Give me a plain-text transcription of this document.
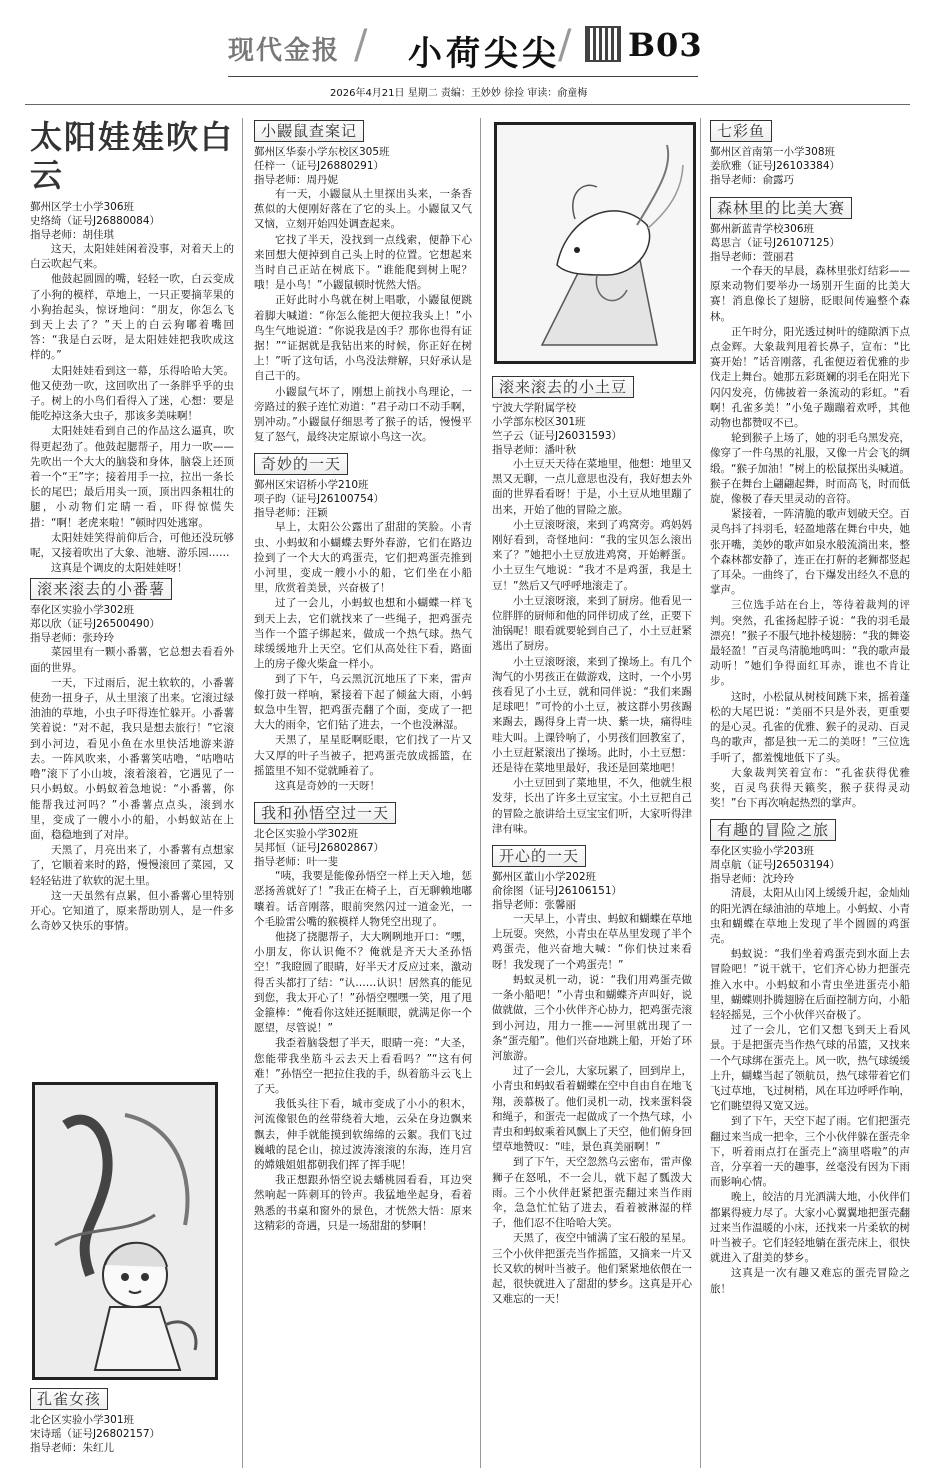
现代金报 / 小荷尖尖
/ B03
2026年4月21日 星期二 责编：王妙妙 徐捡 审读：俞童梅
太阳娃娃吹白云
鄞州区学士小学306班
史络绮（证号J26880084）
指导老师：胡佳琪

这天，太阳娃娃闲着没事，对着天上的白云吹起气来。

他鼓起圆圆的嘴，轻轻一吹，白云变成了小狗的模样，草地上，一只正要摘苹果的小狗抬起头，惊讶地问：“朋友，你怎么飞到天上去了？”天上的白云狗嘟着嘴回答：“我是白云呀，是太阳娃娃把我吹成这样的。”

太阳娃娃看到这一幕，乐得哈哈大笑。他又使劲一吹，这回吹出了一条胖乎乎的虫子。树上的小鸟们看得入了迷，心想：要是能吃掉这条大虫子，那该多美味啊！

太阳娃娃看到自己的作品这么逼真，吹得更起劲了。他鼓起腮帮子，用力一吹——先吹出一个大大的脑袋和身体，脑袋上还顶着一个“王”字；接着用手一拉，拉出一条长长的尾巴；最后用头一顶，顶出四条粗壮的腿，小动物们定睛一看，吓得惊慌失措：“啊！老虎来啦！”顿时四处逃窜。

太阳娃娃笑得前仰后合，可他还没玩够呢，又接着吹出了大象、池塘、游乐园……

这真是个调皮的太阳娃娃呀！

滚来滚去的小番薯
奉化区实验小学302班
郑以欣（证号J26500490）
指导老师：张玲玲

菜园里有一颗小番薯，它总想去看看外面的世界。

一天，下过雨后，泥土软软的，小番薯使劲一扭身子，从土里滚了出来。它滚过绿油油的草地，小虫子吓得连忙躲开。小番薯笑着说：“对不起，我只是想去旅行！”它滚到小河边，看见小鱼在水里快活地游来游去。一阵风吹来，小番薯笑咕噜，“咕噜咕噜”滚下了小山坡，滚着滚着，它遇见了一只小蚂蚁。小蚂蚁着急地说：“小番薯，你能帮我过河吗？”小番薯点点头，滚到水里，变成了一艘小小的船，小蚂蚁站在上面，稳稳地到了对岸。

天黑了，月亮出来了，小番薯有点想家了，它顺着来时的路，慢慢滚回了菜园，又轻轻钻进了软软的泥土里。

这一天虽然有点累，但小番薯心里特别开心。它知道了，原来帮助别人，是一件多么奇妙又快乐的事情。

孔雀女孩
北仑区实验小学301班
宋诗瑶（证号J26802157）
指导老师：朱红儿
小鼹鼠查案记
鄞州区华泰小学东校区305班
任梓一（证号J26880291）
指导老师：周丹妮

有一天，小鼹鼠从土里探出头来，一条香蕉似的大便刚好落在了它的头上。小鼹鼠又气又恼，立刻开始四处调查起来。

它找了半天，没找到一点线索，便静下心来回想大便掉到自己头上时的位置。它想起来当时自己正站在树底下。“谁能爬到树上呢？哦！是小鸟！”小鼹鼠顿时恍然大悟。

正好此时小鸟就在树上唱歌，小鼹鼠便跳着脚大喊道：“你怎么能把大便拉我头上！”小鸟生气地说道：“你说我是凶手？那你也得有证据！”“证据就是我钻出来的时候，你正好在树上！”听了这句话，小鸟没法辩解，只好承认是自己干的。

小鼹鼠气坏了，刚想上前找小鸟理论，一旁路过的猴子连忙劝道：“君子动口不动手啊，别冲动。”小鼹鼠仔细思考了猴子的话，慢慢平复了怒气，最终决定原谅小鸟这一次。

奇妙的一天
鄞州区宋诏桥小学210班
项子昀（证号J26100754）
指导老师：汪颖

早上，太阳公公露出了甜甜的笑脸。小青虫、小蚂蚁和小蝴蝶去野外春游，它们在路边捡到了一个大大的鸡蛋壳，它们把鸡蛋壳推到小河里，变成一艘小小的船，它们坐在小船里，欣赏着美景，兴奋极了！

过了一会儿，小蚂蚁也想和小蝴蝶一样飞到天上去，它们就找来了一些绳子，把鸡蛋壳当作一个篮子绑起来，做成一个热气球。热气球缓缓地升上天空。它们从高处往下看，路面上的房子像火柴盒一样小。

到了下午，乌云黑沉沉地压了下来，雷声像打鼓一样响，紧接着下起了倾盆大雨，小蚂蚁急中生智，把鸡蛋壳翻了个面，变成了一把大大的雨伞，它们钻了进去，一个也没淋湿。

天黑了，星星眨啊眨眼，它们找了一片又大又厚的叶子当被子，把鸡蛋壳放成摇篮，在摇篮里不知不觉就睡着了。

这真是奇妙的一天呀！

我和孙悟空过一天
北仑区实验小学302班
吴邦恒（证号J26802867）
指导老师：叶一斐

“咦，我要是能像孙悟空一样上天入地，惩恶扬善就好了！”我正在椅子上，百无聊赖地嘟囔着。话音刚落，眼前突然闪过一道金光，一个毛脸雷公嘴的猴模样人物凭空出现了。

他挠了挠腮帮子，大大咧咧地开口：“嘿，小朋友，你认识俺不？俺就是齐天大圣孙悟空！”我瞪圆了眼睛，好半天才反应过来，激动得舌头都打了结：“认……认识！居然真的能见到您，我太开心了！”孙悟空嘿嘿一笑，甩了甩金箍棒：“俺看你这娃还挺顺眼，就满足你一个愿望，尽管说！”

我歪着脑袋想了半天，眼睛一亮：“大圣，您能带我坐筋斗云去天上看看吗？”“这有何难！”孙悟空一把拉住我的手，纵着筋斗云飞上了天。

我低头往下看，城市变成了小小的积木，河流像银色的丝带绕着大地，云朵在身边飘来飘去，伸手就能摸到软绵绵的云絮。我们飞过巍峨的昆仑山，掠过波涛滚滚的东海，连月宫的嫦娥姐姐都朝我们挥了挥手呢！

我正想跟孙悟空说去蟠桃园看看，耳边突然响起一阵刺耳的铃声。我猛地坐起身，看着熟悉的书桌和窗外的景色，才恍然大悟：原来这精彩的奇遇，只是一场甜甜的梦啊！

滚来滚去的小土豆
宁波大学附属学校
小学部东校区301班
竺子云（证号J26031593）
指导老师：潘叶秋

小土豆天天待在菜地里，他想：地里又黑又无聊，一点儿意思也没有，我好想去外面的世界看看呀！于是，小土豆从地里蹦了出来，开始了他的冒险之旅。

小土豆滚呀滚，来到了鸡窝旁。鸡妈妈刚好看到，奇怪地问：“我的宝贝怎么滚出来了？”她把小土豆放进鸡窝，开始孵蛋。小土豆生气地说：“我才不是鸡蛋，我是土豆！”然后又气呼呼地滚走了。

小土豆滚呀滚，来到了厨房。他看见一位胖胖的厨师和他的同伴切成了丝，正要下油锅呢！眼看就要轮到自己了，小土豆赶紧逃出了厨房。

小土豆滚呀滚，来到了操场上。有几个淘气的小男孩正在做游戏，这时，一个小男孩看见了小土豆，就和同伴说：“我们来踢足球吧！”可怜的小土豆，被这群小男孩踢来踢去，踢得身上青一块、紫一块，痛得哇哇大叫。上课铃响了，小男孩们回教室了，小土豆赶紧滚出了操场。此时，小土豆想：还是待在菜地里最好，我还是回菜地吧！

小土豆回到了菜地里，不久，他就生根发芽，长出了许多土豆宝宝。小土豆把自己的冒险之旅讲给土豆宝宝们听，大家听得津津有味。

开心的一天
鄞州区董山小学202班
俞徐图（证号J26106151）
指导老师：张馨丽

一天早上，小青虫、蚂蚁和蝴蝶在草地上玩耍。突然，小青虫在草丛里发现了半个鸡蛋壳，他兴奋地大喊：“你们快过来看呀！我发现了一个鸡蛋壳！”

蚂蚁灵机一动，说：“我们用鸡蛋壳做一条小船吧！”小青虫和蝴蝶齐声叫好，说做就做，三个小伙伴齐心协力，把鸡蛋壳滚到小河边，用力一推——河里就出现了一条“蛋壳船”。他们兴奋地跳上船，开始了环河旅游。

过了一会儿，大家玩累了，回到岸上，小青虫和蚂蚁看着蝴蝶在空中自由自在地飞翔，羡慕极了。他们灵机一动，找来蛋料袋和绳子，和蛋壳一起做成了一个热气球，小青虫和蚂蚁乘着风飘上了天空，他们俯身回望草地赞叹：“哇，景色真美丽啊！”

到了下午，天空忽然乌云密布，雷声像狮子在怒吼，不一会儿，就下起了瓢泼大雨。三个小伙伴赶紧把蛋壳翻过来当作雨伞，急急忙忙钻了进去，看着被淋湿的样子，他们忍不住哈哈大笑。

天黑了，夜空中铺满了宝石般的星星。三个小伙伴把蛋壳当作摇篮，又摘来一片又长又软的树叶当被子。他们紧紧地依偎在一起，很快就进入了甜甜的梦乡。这真是开心又难忘的一天！

七彩鱼
鄞州区首南第一小学308班
姜欣雅（证号J26103384）
指导老师：俞露巧
森林里的比美大赛
鄞州新蓝青学校306班
葛思言（证号J26107125）
指导老师：萱丽君

一个春天的早晨，森林里张灯结彩——原来动物们要举办一场别开生面的比美大赛！消息像长了翅膀，眨眼间传遍整个森林。

正午时分，阳光透过树叶的缝隙洒下点点金辉。大象裁判甩着长鼻子，宣布：“比赛开始！”话音刚落，孔雀便迈着优雅的步伐走上舞台。她那五彩斑斓的羽毛在阳光下闪闪发亮，仿佛披着一条流动的彩虹。“看啊！孔雀多美！”小兔子蹦蹦着欢呼，其他动物也都赞叹不已。

轮到猴子上场了，她的羽毛乌黑发亮，像穿了一件乌黑的礼服，又像一片会飞的绸缎。“猴子加油！”树上的松鼠探出头喊道。猴子在舞台上翩翩起舞，时而高飞，时而低旋，像极了春天里灵动的音符。

紧接着，一阵清脆的歌声划破天空。百灵鸟抖了抖羽毛，轻盈地落在舞台中央，她张开嘴，美妙的歌声如泉水般流淌出来，整个森林都安静了，连正在打鼾的老狮都竖起了耳朵。一曲终了，台下爆发出经久不息的掌声。

三位选手站在台上，等待着裁判的评判。突然，孔雀扬起脖子说：“我的羽毛最漂亮！”猴子不服气地扑棱翅膀：“我的舞姿最轻盈！”百灵鸟清脆地鸣叫：“我的歌声最动听！”她们争得面红耳赤，谁也不肯让步。

这时，小松鼠从树枝间跳下来，摇着蓬松的大尾巴说：“美丽不只是外表，更重要的是心灵。孔雀的优雅、猴子的灵动、百灵鸟的歌声，都是独一无二的美呀！”三位选手听了，都羞愧地低下了头。

大象裁判笑着宣布：“孔雀获得优雅奖，百灵鸟获得天籁奖，猴子获得灵动奖！”台下再次响起热烈的掌声。

有趣的冒险之旅
奉化区实验小学203班
周卓航（证号J26503194）
指导老师：沈玲玲

清晨，太阳从山冈上缓缓升起，金灿灿的阳光洒在绿油油的草地上。小蚂蚁、小青虫和蝴蝶在草地上发现了半个圆圆的鸡蛋壳。

蚂蚁说：“我们坐着鸡蛋壳到水面上去冒险吧！”说干就干，它们齐心协力把蛋壳推入水中。小蚂蚁和小青虫坐进蛋壳小船里，蝴蝶则扑腾翅膀在后面控制方向，小船轻轻摇晃，三个小伙伴兴奋极了。

过了一会儿，它们又想飞到天上看风景。于是把蛋壳当作热气球的吊篮，又找来一个气球绑在蛋壳上。风一吹，热气球缓缓上升，蝴蝶当起了领航员，热气球带着它们飞过草地，飞过树梢，风在耳边呼呼作响，它们眺望得又宽又远。

到了下午，天空下起了雨。它们把蛋壳翻过来当成一把伞，三个小伙伴躲在蛋壳伞下，听着雨点打在蛋壳上“滴里嗒啦”的声音，分享着一天的趣事，丝毫没有因为下雨而影响心情。

晚上，皎洁的月光洒满大地，小伙伴们都累得疲力尽了。大家小心翼翼地把蛋壳翻过来当作温暖的小床，还找来一片柔软的树叶当被子。它们轻轻地躺在蛋壳床上，很快就进入了甜美的梦乡。

这真是一次有趣又难忘的蛋壳冒险之旅！
